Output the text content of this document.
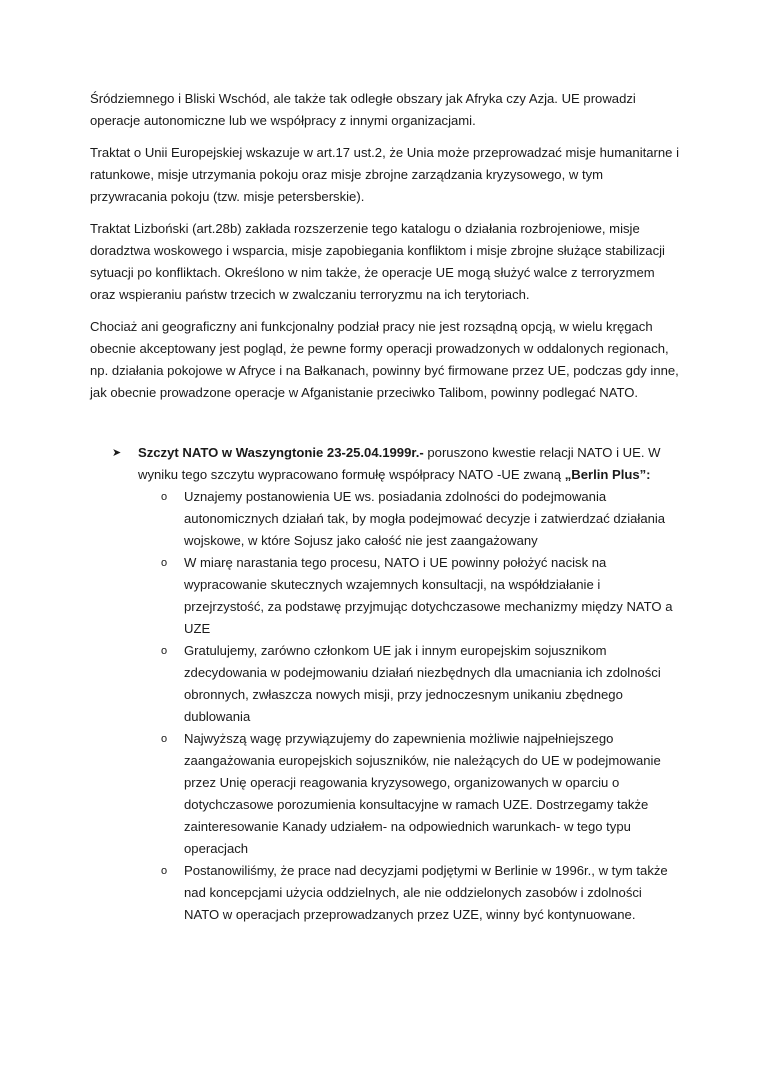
Śródziemnego i Bliski Wschód, ale także tak odległe obszary jak Afryka czy Azja. UE prowadzi operacje autonomiczne lub we współpracy z innymi organizacjami.

Traktat o Unii Europejskiej wskazuje w art.17 ust.2, że Unia może przeprowadzać misje humanitarne i ratunkowe, misje utrzymania pokoju oraz misje zbrojne zarządzania kryzysowego, w tym przywracania pokoju (tzw. misje petersberskie).

Traktat Lizboński (art.28b) zakłada rozszerzenie tego katalogu o działania rozbrojeniowe, misje doradztwa woskowego i wsparcia, misje zapobiegania konfliktom i misje zbrojne służące stabilizacji sytuacji po konfliktach. Określono w nim także, że operacje UE mogą służyć walce z terroryzmem oraz wspieraniu państw trzecich w zwalczaniu terroryzmu na ich terytoriach.

Chociaż ani geograficzny ani funkcjonalny podział pracy nie jest rozsądną opcją, w wielu kręgach obecnie akceptowany jest pogląd, że pewne formy operacji prowadzonych w oddalonych regionach, np. działania pokojowe w Afryce i na Bałkanach, powinny być firmowane przez UE, podczas gdy inne, jak obecnie prowadzone operacje w Afganistanie przeciwko Talibom, powinny podlegać NATO.

➤ Szczyt NATO w Waszyngtonie 23-25.04.1999r.- poruszono kwestie relacji NATO i UE. W wyniku tego szczytu wypracowano formułę współpracy NATO -UE zwaną „Berlin Plus”:
o Uznajemy postanowienia UE ws. posiadania zdolności do podejmowania autonomicznych działań tak, by mogła podejmować decyzje i zatwierdzać działania wojskowe, w które Sojusz jako całość nie jest zaangażowany
o W miarę narastania tego procesu, NATO i UE powinny położyć nacisk na wypracowanie skutecznych wzajemnych konsultacji, na współdziałanie i przejrzystość, za podstawę przyjmując dotychczasowe mechanizmy między NATO a UZE
o Gratulujemy, zarówno członkom UE jak i innym europejskim sojusznikom zdecydowania w podejmowaniu działań niezbędnych dla umacniania ich zdolności obronnych, zwłaszcza nowych misji, przy jednoczesnym unikaniu zbędnego dublowania
o Najwyższą wagę przywiązujemy do zapewnienia możliwie najpełniejszego zaangażowania europejskich sojuszników, nie należących do UE w podejmowanie przez Unię operacji reagowania kryzysowego, organizowanych w oparciu o dotychczasowe porozumienia konsultacyjne w ramach UZE. Dostrzegamy także zainteresowanie Kanady udziałem- na odpowiednich warunkach- w tego typu operacjach
o Postanowiliśmy, że prace nad decyzjami podjętymi w Berlinie w 1996r., w tym także nad koncepcjami użycia oddzielnych, ale nie oddzielonych zasobów i zdolności NATO w operacjach przeprowadzanych przez UZE, winny być kontynuowane.
